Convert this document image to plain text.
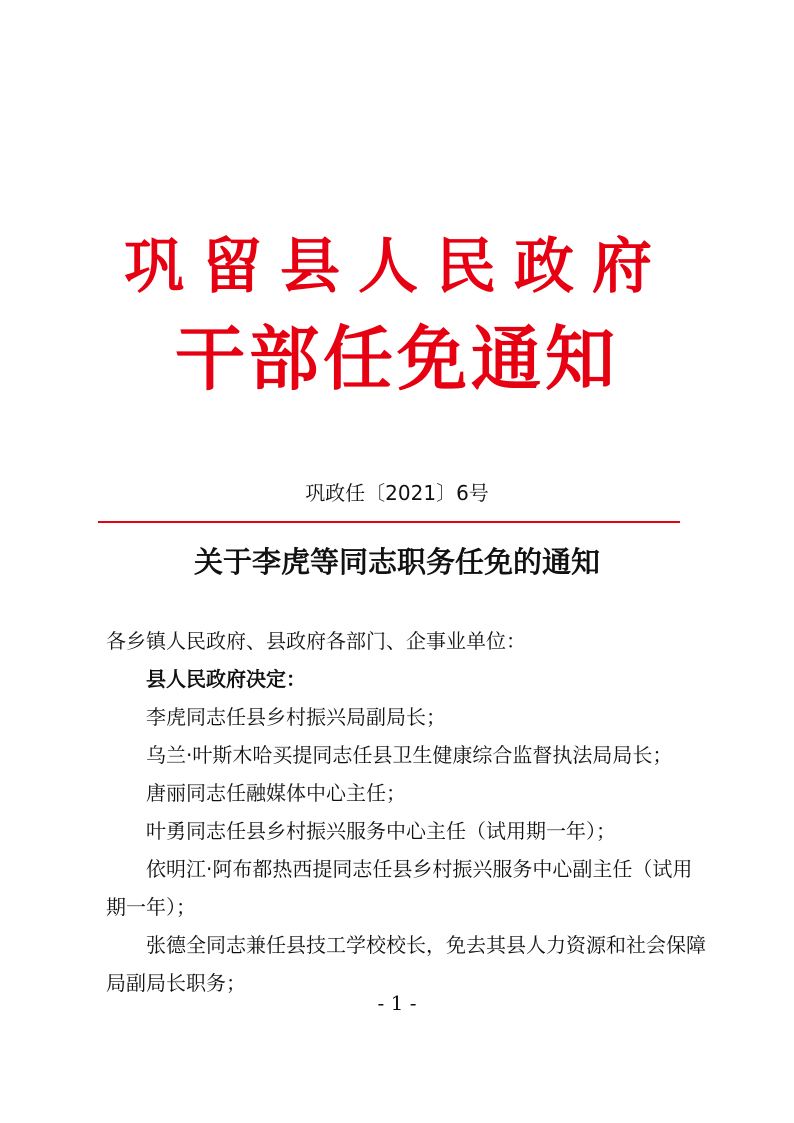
巩留县人民政府
干部任免通知
巩政任〔2021〕6号
关于李虎等同志职务任免的通知

各乡镇人民政府、县政府各部门、企事业单位：

县人民政府决定：

李虎同志任县乡村振兴局副局长；

乌兰·叶斯木哈买提同志任县卫生健康综合监督执法局局长；

唐丽同志任融媒体中心主任；

叶勇同志任县乡村振兴服务中心主任（试用期一年）；

依明江·阿布都热西提同志任县乡村振兴服务中心副主任（试用期一年）；

张德全同志兼任县技工学校校长，免去其县人力资源和社会保障局副局长职务；

- 1 -
